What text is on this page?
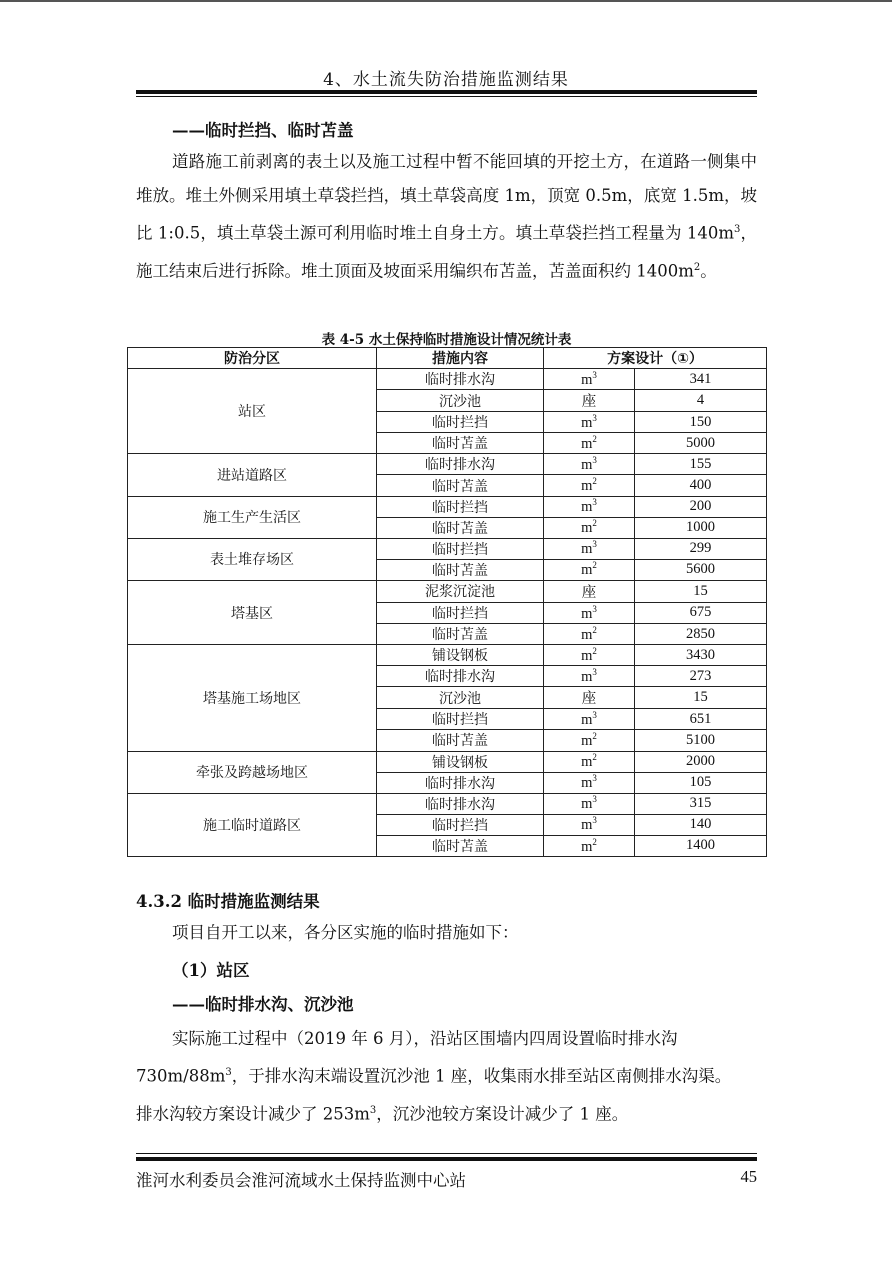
4、水土流失防治措施监测结果

——临时拦挡、临时苫盖

道路施工前剥离的表土以及施工过程中暂不能回填的开挖土方，在道路一侧集中堆放。堆土外侧采用填土草袋拦挡，填土草袋高度 1m，顶宽 0.5m，底宽 1.5m，坡比 1:0.5，填土草袋土源可利用临时堆土自身土方。填土草袋拦挡工程量为 $140m^3$，施工结束后进行拆除。堆土顶面及坡面采用编织布苫盖，苫盖面积约 $1400m^2$。

表 4-5 水土保持临时措施设计情况统计表
防治分区	措施内容	方案设计（①）	
站区	临时排水沟	$m^3$	341
	沉沙池	座	4
	临时拦挡	$m^3$	150
	临时苫盖	$m^2$	5000
进站道路区	临时排水沟	$m^3$	155
	临时苫盖	$m^2$	400
施工生产生活区	临时拦挡	$m^3$	200
	临时苫盖	$m^2$	1000
表土堆存场区	临时拦挡	$m^3$	299
	临时苫盖	$m^2$	5600
塔基区	泥浆沉淀池	座	15
	临时拦挡	$m^3$	675
	临时苫盖	$m^2$	2850
塔基施工场地区	铺设钢板	$m^2$	3430
	临时排水沟	$m^3$	273
	沉沙池	座	15
	临时拦挡	$m^3$	651
	临时苫盖	$m^2$	5100
牵张及跨越场地区	铺设钢板	$m^2$	2000
	临时排水沟	$m^3$	105
施工临时道路区	临时排水沟	$m^3$	315
	临时拦挡	$m^3$	140
	临时苫盖	$m^2$	1400

4.3.2 临时措施监测结果

项目自开工以来，各分区实施的临时措施如下：

（1）站区

——临时排水沟、沉沙池

实际施工过程中（2019 年 6 月），沿站区围墙内四周设置临时排水沟
$730m/88m^3$，于排水沟末端设置沉沙池 1 座，收集雨水排至站区南侧排水沟渠。
排水沟较方案设计减少了 $253m^3$，沉沙池较方案设计减少了 1 座。
淮河水利委员会淮河流域水土保持监测中心站	45
